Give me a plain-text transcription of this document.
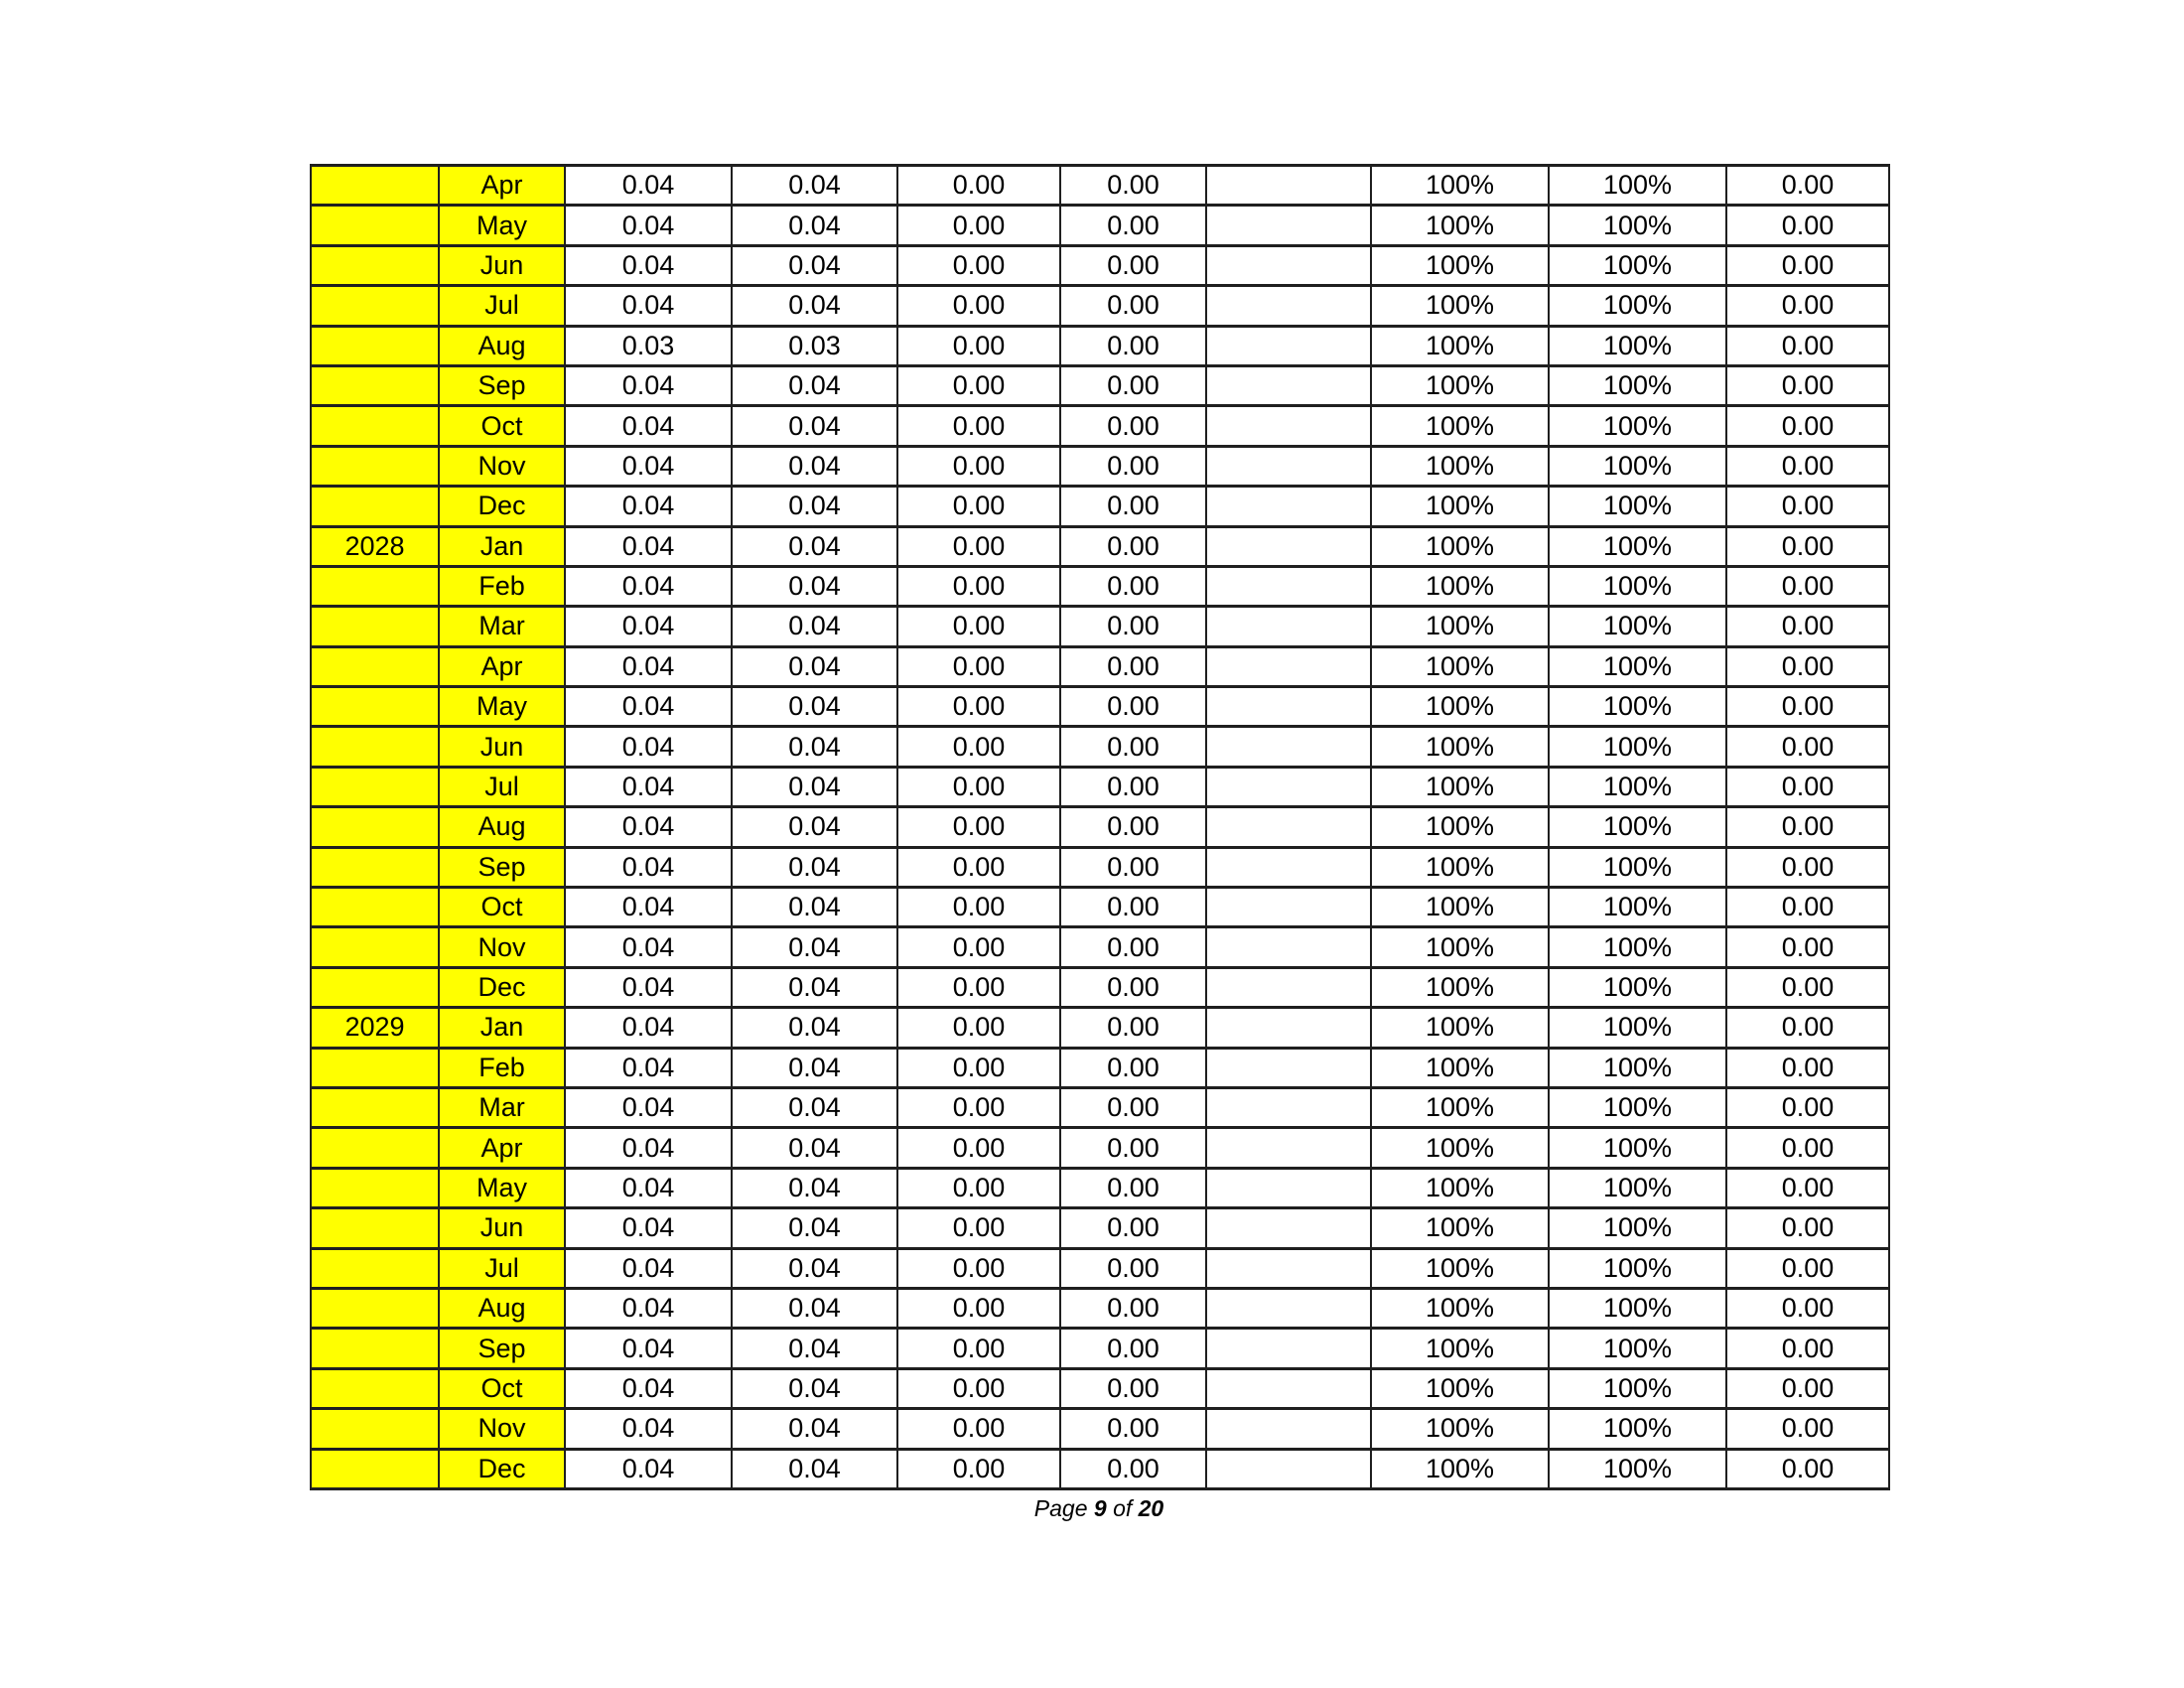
	Apr	0.04	0.04	0.00	0.00		100%	100%	0.00
	May	0.04	0.04	0.00	0.00		100%	100%	0.00
	Jun	0.04	0.04	0.00	0.00		100%	100%	0.00
	Jul	0.04	0.04	0.00	0.00		100%	100%	0.00
	Aug	0.03	0.03	0.00	0.00		100%	100%	0.00
	Sep	0.04	0.04	0.00	0.00		100%	100%	0.00
	Oct	0.04	0.04	0.00	0.00		100%	100%	0.00
	Nov	0.04	0.04	0.00	0.00		100%	100%	0.00
	Dec	0.04	0.04	0.00	0.00		100%	100%	0.00
2028	Jan	0.04	0.04	0.00	0.00		100%	100%	0.00
	Feb	0.04	0.04	0.00	0.00		100%	100%	0.00
	Mar	0.04	0.04	0.00	0.00		100%	100%	0.00
	Apr	0.04	0.04	0.00	0.00		100%	100%	0.00
	May	0.04	0.04	0.00	0.00		100%	100%	0.00
	Jun	0.04	0.04	0.00	0.00		100%	100%	0.00
	Jul	0.04	0.04	0.00	0.00		100%	100%	0.00
	Aug	0.04	0.04	0.00	0.00		100%	100%	0.00
	Sep	0.04	0.04	0.00	0.00		100%	100%	0.00
	Oct	0.04	0.04	0.00	0.00		100%	100%	0.00
	Nov	0.04	0.04	0.00	0.00		100%	100%	0.00
	Dec	0.04	0.04	0.00	0.00		100%	100%	0.00
2029	Jan	0.04	0.04	0.00	0.00		100%	100%	0.00
	Feb	0.04	0.04	0.00	0.00		100%	100%	0.00
	Mar	0.04	0.04	0.00	0.00		100%	100%	0.00
	Apr	0.04	0.04	0.00	0.00		100%	100%	0.00
	May	0.04	0.04	0.00	0.00		100%	100%	0.00
	Jun	0.04	0.04	0.00	0.00		100%	100%	0.00
	Jul	0.04	0.04	0.00	0.00		100%	100%	0.00
	Aug	0.04	0.04	0.00	0.00		100%	100%	0.00
	Sep	0.04	0.04	0.00	0.00		100%	100%	0.00
	Oct	0.04	0.04	0.00	0.00		100%	100%	0.00
	Nov	0.04	0.04	0.00	0.00		100%	100%	0.00
	Dec	0.04	0.04	0.00	0.00		100%	100%	0.00
Page 9 of 20
